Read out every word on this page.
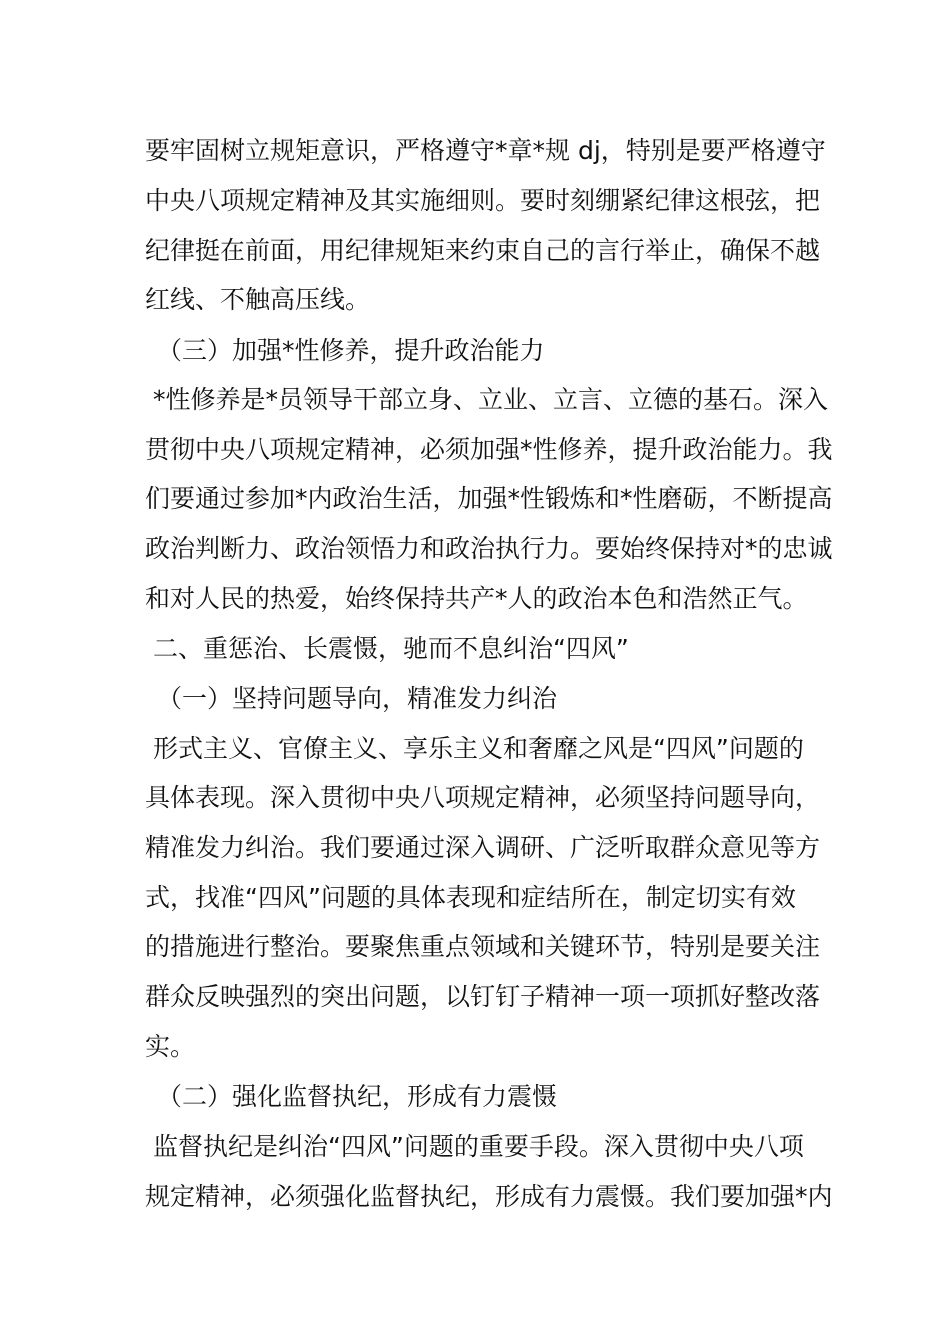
要牢固树立规矩意识，严格遵守*章*规 dj，特别是要严格遵守
中央八项规定精神及其实施细则。要时刻绷紧纪律这根弦，把
纪律挺在前面，用纪律规矩来约束自己的言行举止，确保不越
红线、不触高压线。
（三）加强*性修养，提升政治能力
*性修养是*员领导干部立身、立业、立言、立德的基石。深入
贯彻中央八项规定精神，必须加强*性修养，提升政治能力。我
们要通过参加*内政治生活，加强*性锻炼和*性磨砺，不断提高
政治判断力、政治领悟力和政治执行力。要始终保持对*的忠诚
和对人民的热爱，始终保持共产*人的政治本色和浩然正气。
二、重惩治、长震慑，驰而不息纠治“四风”
（一）坚持问题导向，精准发力纠治
形式主义、官僚主义、享乐主义和奢靡之风是“四风”问题的
具体表现。深入贯彻中央八项规定精神，必须坚持问题导向，
精准发力纠治。我们要通过深入调研、广泛听取群众意见等方
式，找准“四风”问题的具体表现和症结所在，制定切实有效
的措施进行整治。要聚焦重点领域和关键环节，特别是要关注
群众反映强烈的突出问题，以钉钉子精神一项一项抓好整改落
实。
（二）强化监督执纪，形成有力震慑
监督执纪是纠治“四风”问题的重要手段。深入贯彻中央八项
规定精神，必须强化监督执纪，形成有力震慑。我们要加强*内
